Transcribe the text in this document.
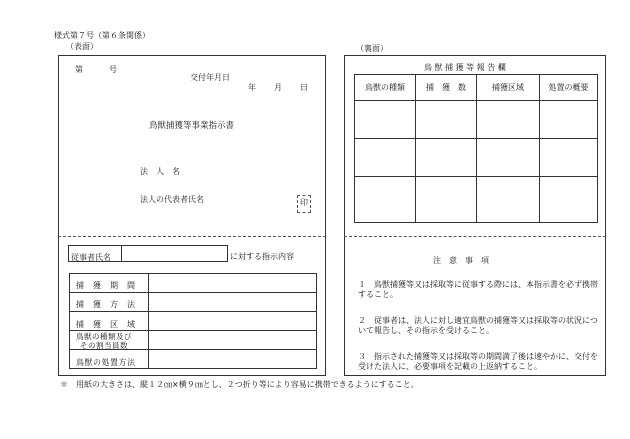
様式第７号（第６条関係）
（表面）	（裏面）
第	号
交付年月日
年 月 日
鳥獣捕獲等事業指示書
法　人　名
法人の代表者氏名	印
従事者氏名	に対する指示内容

捕　獲　期　間
捕　獲　方　法
捕　獲　区　域
鳥獣の種類及び
その割当員数
鳥獣の処置方法
鳥 獣 捕 獲 等 報 告 欄
鳥獣の種類	捕　獲　数	捕獲区域	処置の概要

注　意　事　項
１　鳥獣捕獲等又は採取等に従事する際には、本指示書を必ず携帯すること。
２　従事者は、法人に対し適宜鳥獣の捕獲等又は採取等の状況について報告し、その指示を受けること。
３　指示された捕獲等又は採取等の期間満了後は速やかに、交付を受けた法人に、必要事項を記載の上返納すること。
＊　用紙の大きさは、縦１２㎝×横９㎝とし、２つ折り等により容易に携帯できるようにすること。
